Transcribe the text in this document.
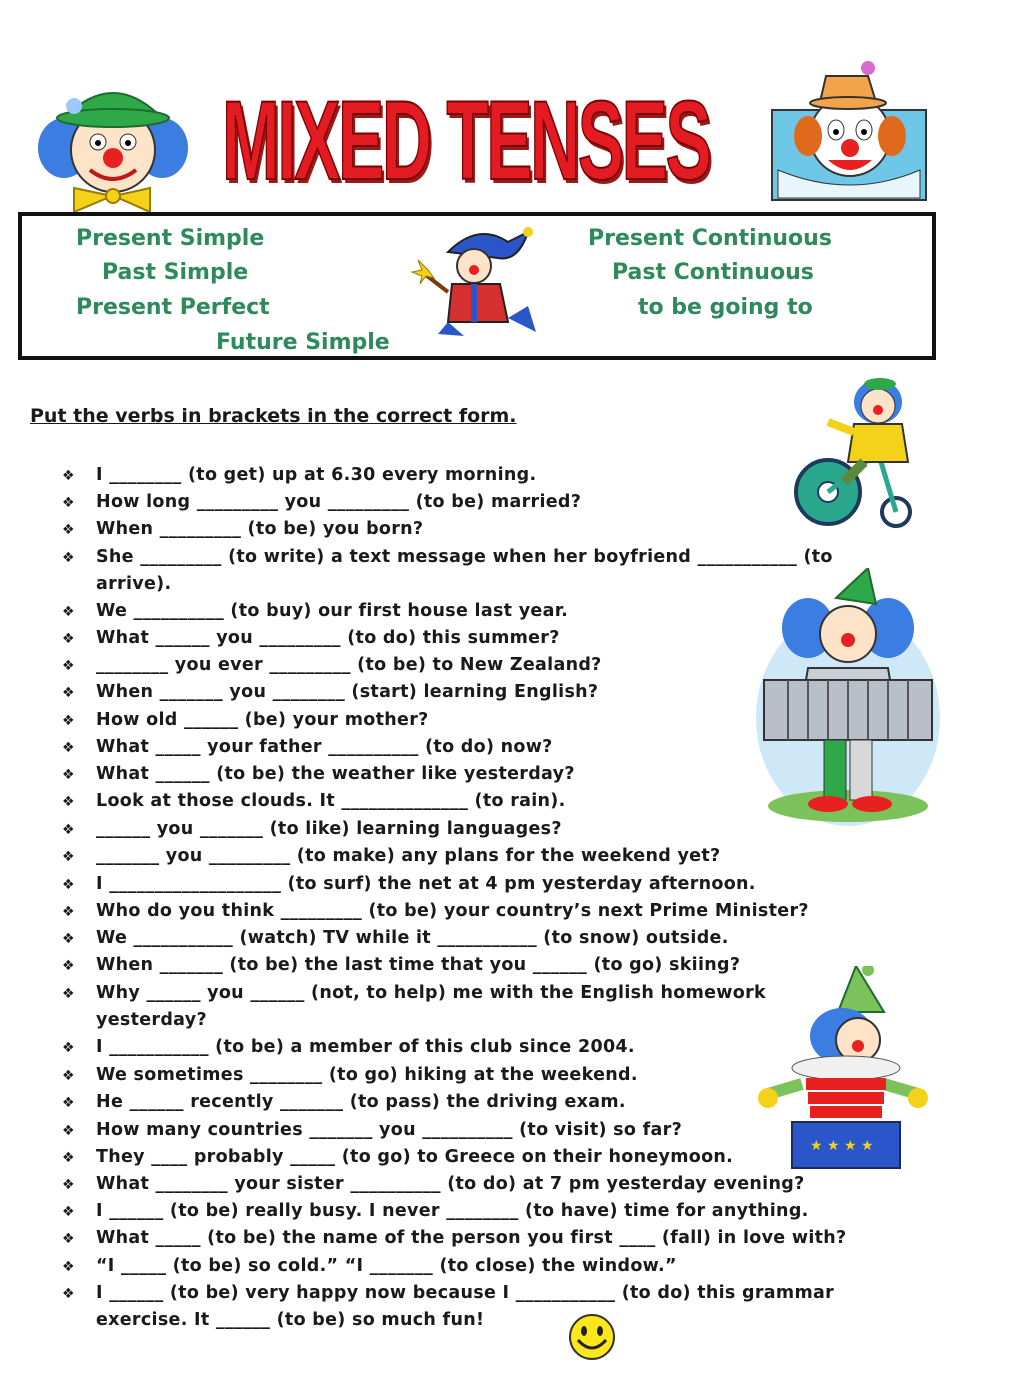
MIXED TENSES
Present Simple
Past Simple
Present Perfect
Future Simple
Present Continuous
Past Continuous
to be going to
Put the verbs in brackets in the correct form.
★ ★ ★ ★
❖ I ________ (to get) up at 6.30 every morning.
❖ How long _________ you _________ (to be) married?
❖ When _________ (to be) you born?
❖ She _________ (to write) a text message when her boyfriend ___________ (to
arrive).
❖ We __________ (to buy) our first house last year.
❖ What ______ you _________ (to do) this summer?
❖ ________ you ever _________ (to be) to New Zealand?
❖ When _______ you ________ (start) learning English?
❖ How old ______ (be) your mother?
❖ What _____ your father __________ (to do) now?
❖ What ______ (to be) the weather like yesterday?
❖ Look at those clouds. It ______________ (to rain).
❖ ______ you _______ (to like) learning languages?
❖ _______ you _________ (to make) any plans for the weekend yet?
❖ I ___________________ (to surf) the net at 4 pm yesterday afternoon.
❖ Who do you think _________ (to be) your country’s next Prime Minister?
❖ We ___________ (watch) TV while it ___________ (to snow) outside.
❖ When _______ (to be) the last time that you ______ (to go) skiing?
❖ Why ______ you ______ (not, to help) me with the English homework
yesterday?
❖ I ___________ (to be) a member of this club since 2004.
❖ We sometimes ________ (to go) hiking at the weekend.
❖ He ______ recently _______ (to pass) the driving exam.
❖ How many countries _______ you __________ (to visit) so far?
❖ They ____ probably _____ (to go) to Greece on their honeymoon.
❖ What ________ your sister __________ (to do) at 7 pm yesterday evening?
❖ I ______ (to be) really busy. I never ________ (to have) time for anything.
❖ What _____ (to be) the name of the person you first ____ (fall) in love with?
❖ “I _____ (to be) so cold.” “I _______ (to close) the window.”
❖ I ______ (to be) very happy now because I ___________ (to do) this grammar
exercise. It ______ (to be) so much fun!
